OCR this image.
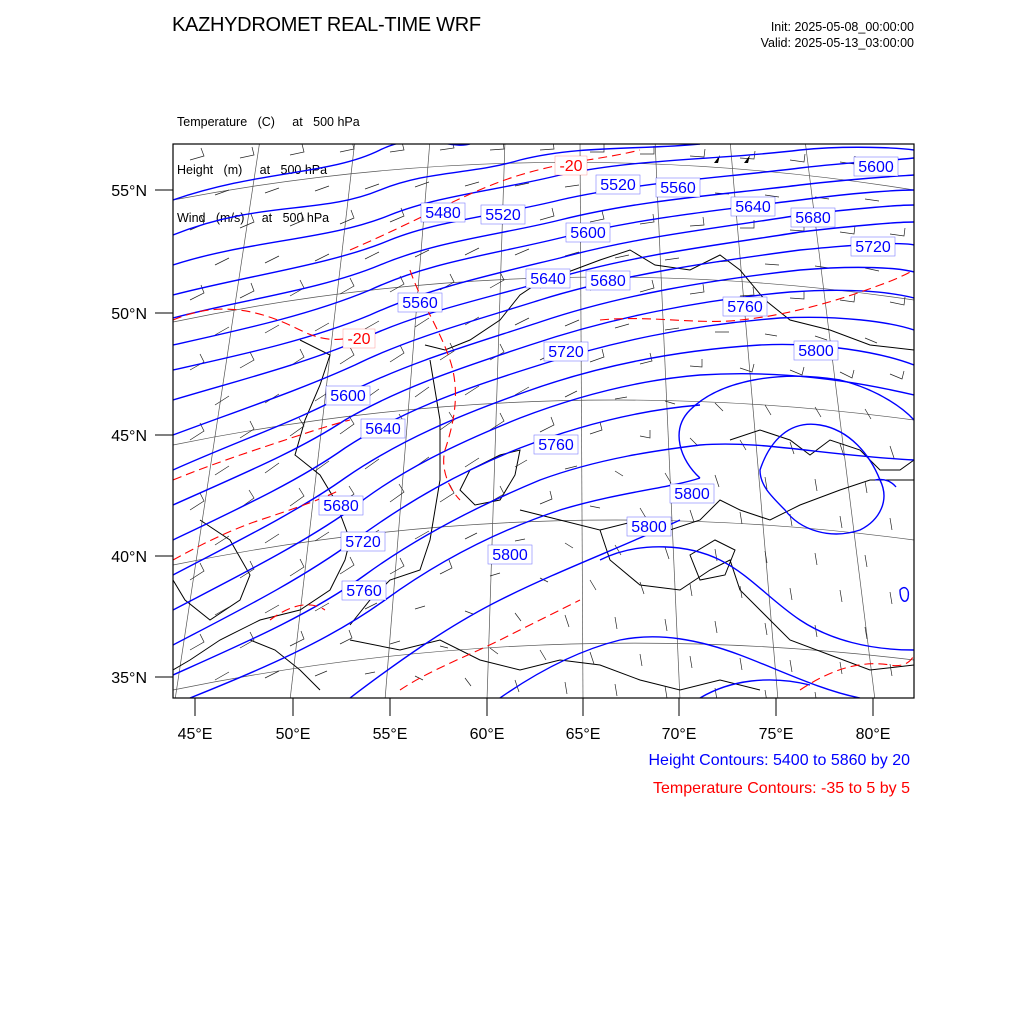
KAZHYDROMET REAL-TIME WRF	Init: 2025-05-08_00:00:00
Valid: 2025-05-13_03:00:00

Temperature   (C)     at   500 hPa

Height   (m)     at   500 hPa

Wind   (m/s)     at   500 hPa

55°N
50°N
45°N
40°N
35°N
45°E	50°E	55°E	60°E	65°E	70°E	75°E	80°E
5480 5520
5520 5560
5600
5600
5640
5680
5560
5640 5680
5720
5760
5600
5640
5720
5760
5800
5680
5720
5760
5800
5800
5800
-20
-20
Height Contours: 5400 to 5860 by 20
Temperature Contours: -35 to 5 by 5
